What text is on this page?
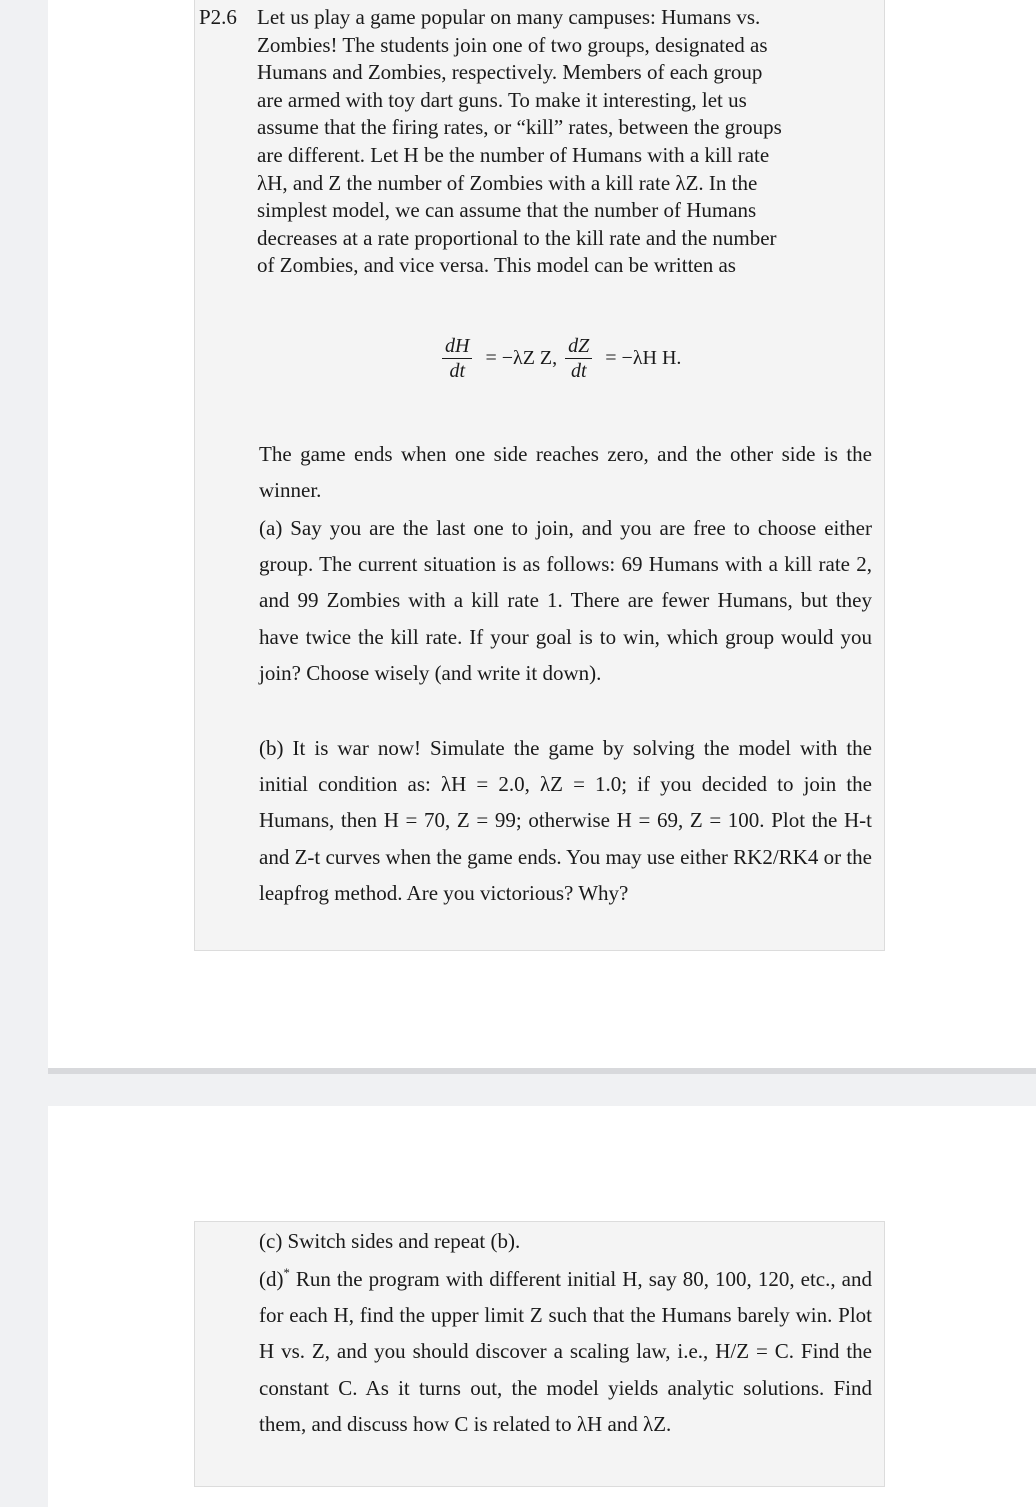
P2.6 Let us play a game popular on many campuses: Humans vs.
Zombies! The students join one of two groups, designated as
Humans and Zombies, respectively. Members of each group
are armed with toy dart guns. To make it interesting, let us
assume that the firing rates, or “kill” rates, between the groups
are different. Let H be the number of Humans with a kill rate
λH, and Z the number of Zombies with a kill rate λZ. In the
simplest model, we can assume that the number of Humans
decreases at a rate proportional to the kill rate and the number
of Zombies, and vice versa. This model can be written as
$\frac{dH}{dt} = -\lambda Z$ Z, $\frac{dZ}{dt} = -\lambda H$ H.
The game ends when one side reaches zero, and the other side is the winner.
(a) Say you are the last one to join, and you are free to choose either group. The current situation is as follows: 69 Humans with a kill rate 2, and 99 Zombies with a kill rate 1. There are fewer Humans, but they have twice the kill rate. If your goal is to win, which group would you join? Choose wisely (and write it down).
(b) It is war now! Simulate the game by solving the model with the initial condition as: λH = 2.0, λZ = 1.0; if you decided to join the Humans, then H = 70, Z = 99; otherwise H = 69, Z = 100. Plot the H-t and Z-t curves when the game ends. You may use either RK2/RK4 or the leapfrog method. Are you victorious? Why?
(c) Switch sides and repeat (b).
(d)* Run the program with different initial H, say 80, 100, 120, etc., and for each H, find the upper limit Z such that the Humans barely win. Plot H vs. Z, and you should discover a scaling law, i.e., H/Z = C. Find the constant C. As it turns out, the model yields analytic solutions. Find them, and discuss how C is related to λH and λZ.
